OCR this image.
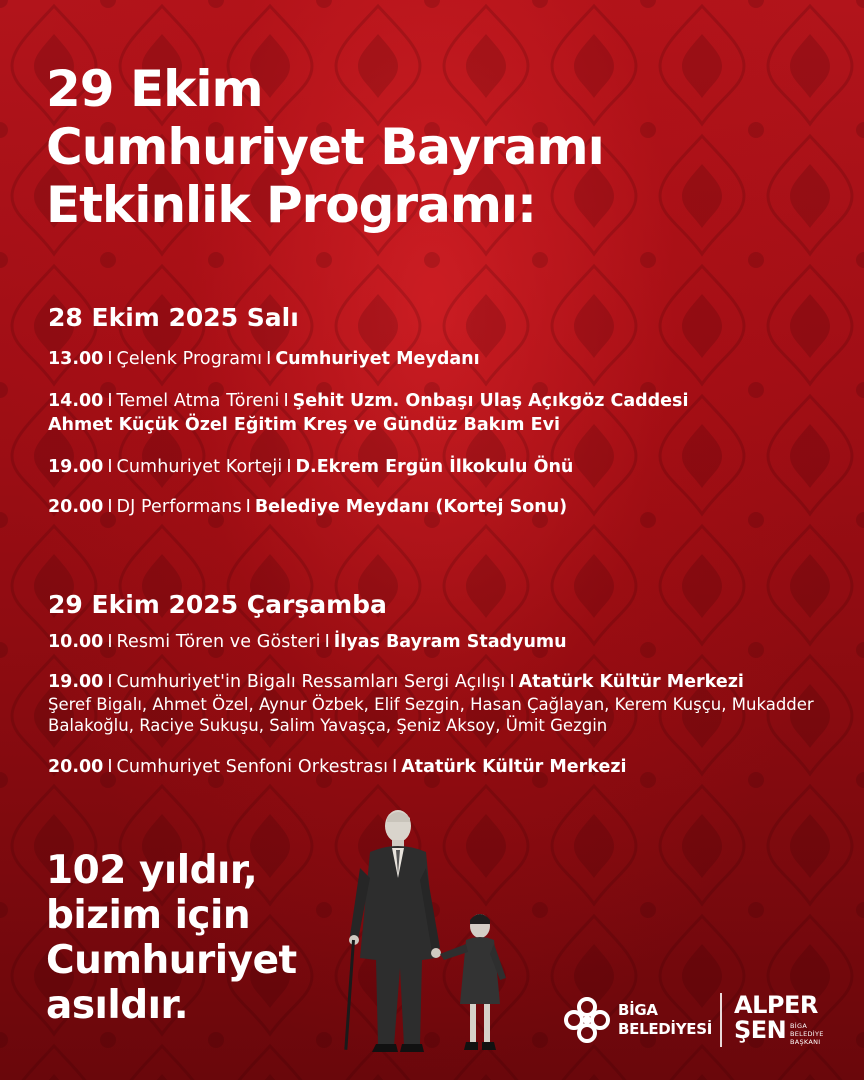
29 Ekim
Cumhuriyet Bayramı
Etkinlik Programı:
28 Ekim 2025 Salı
13.00 I Çelenk Programı I Cumhuriyet Meydanı
14.00 I Temel Atma Töreni I Şehit Uzm. Onbaşı Ulaş Açıkgöz Caddesi
Ahmet Küçük Özel Eğitim Kreş ve Gündüz Bakım Evi
19.00 I Cumhuriyet Korteji I D.Ekrem Ergün İlkokulu Önü
20.00 I DJ Performans I Belediye Meydanı (Kortej Sonu)
29 Ekim 2025 Çarşamba
10.00 I Resmi Tören ve Gösteri I İlyas Bayram Stadyumu
19.00 I Cumhuriyet'in Bigalı Ressamları Sergi Açılışı I Atatürk Kültür Merkezi
Şeref Bigalı, Ahmet Özel, Aynur Özbek, Elif Sezgin, Hasan Çağlayan, Kerem Kuşçu, Mukadder Balakoğlu, Raciye Sukuşu, Salim Yavaşça, Şeniz Aksoy, Ümit Gezgin
20.00 I Cumhuriyet Senfoni Orkestrası I Atatürk Kültür Merkezi
102 yıldır,
bizim için
Cumhuriyet
asıldır.	BİGA
BELEDİYESİ
ALPER
ŞEN BİGA
BELEDİYE
BAŞKANI
